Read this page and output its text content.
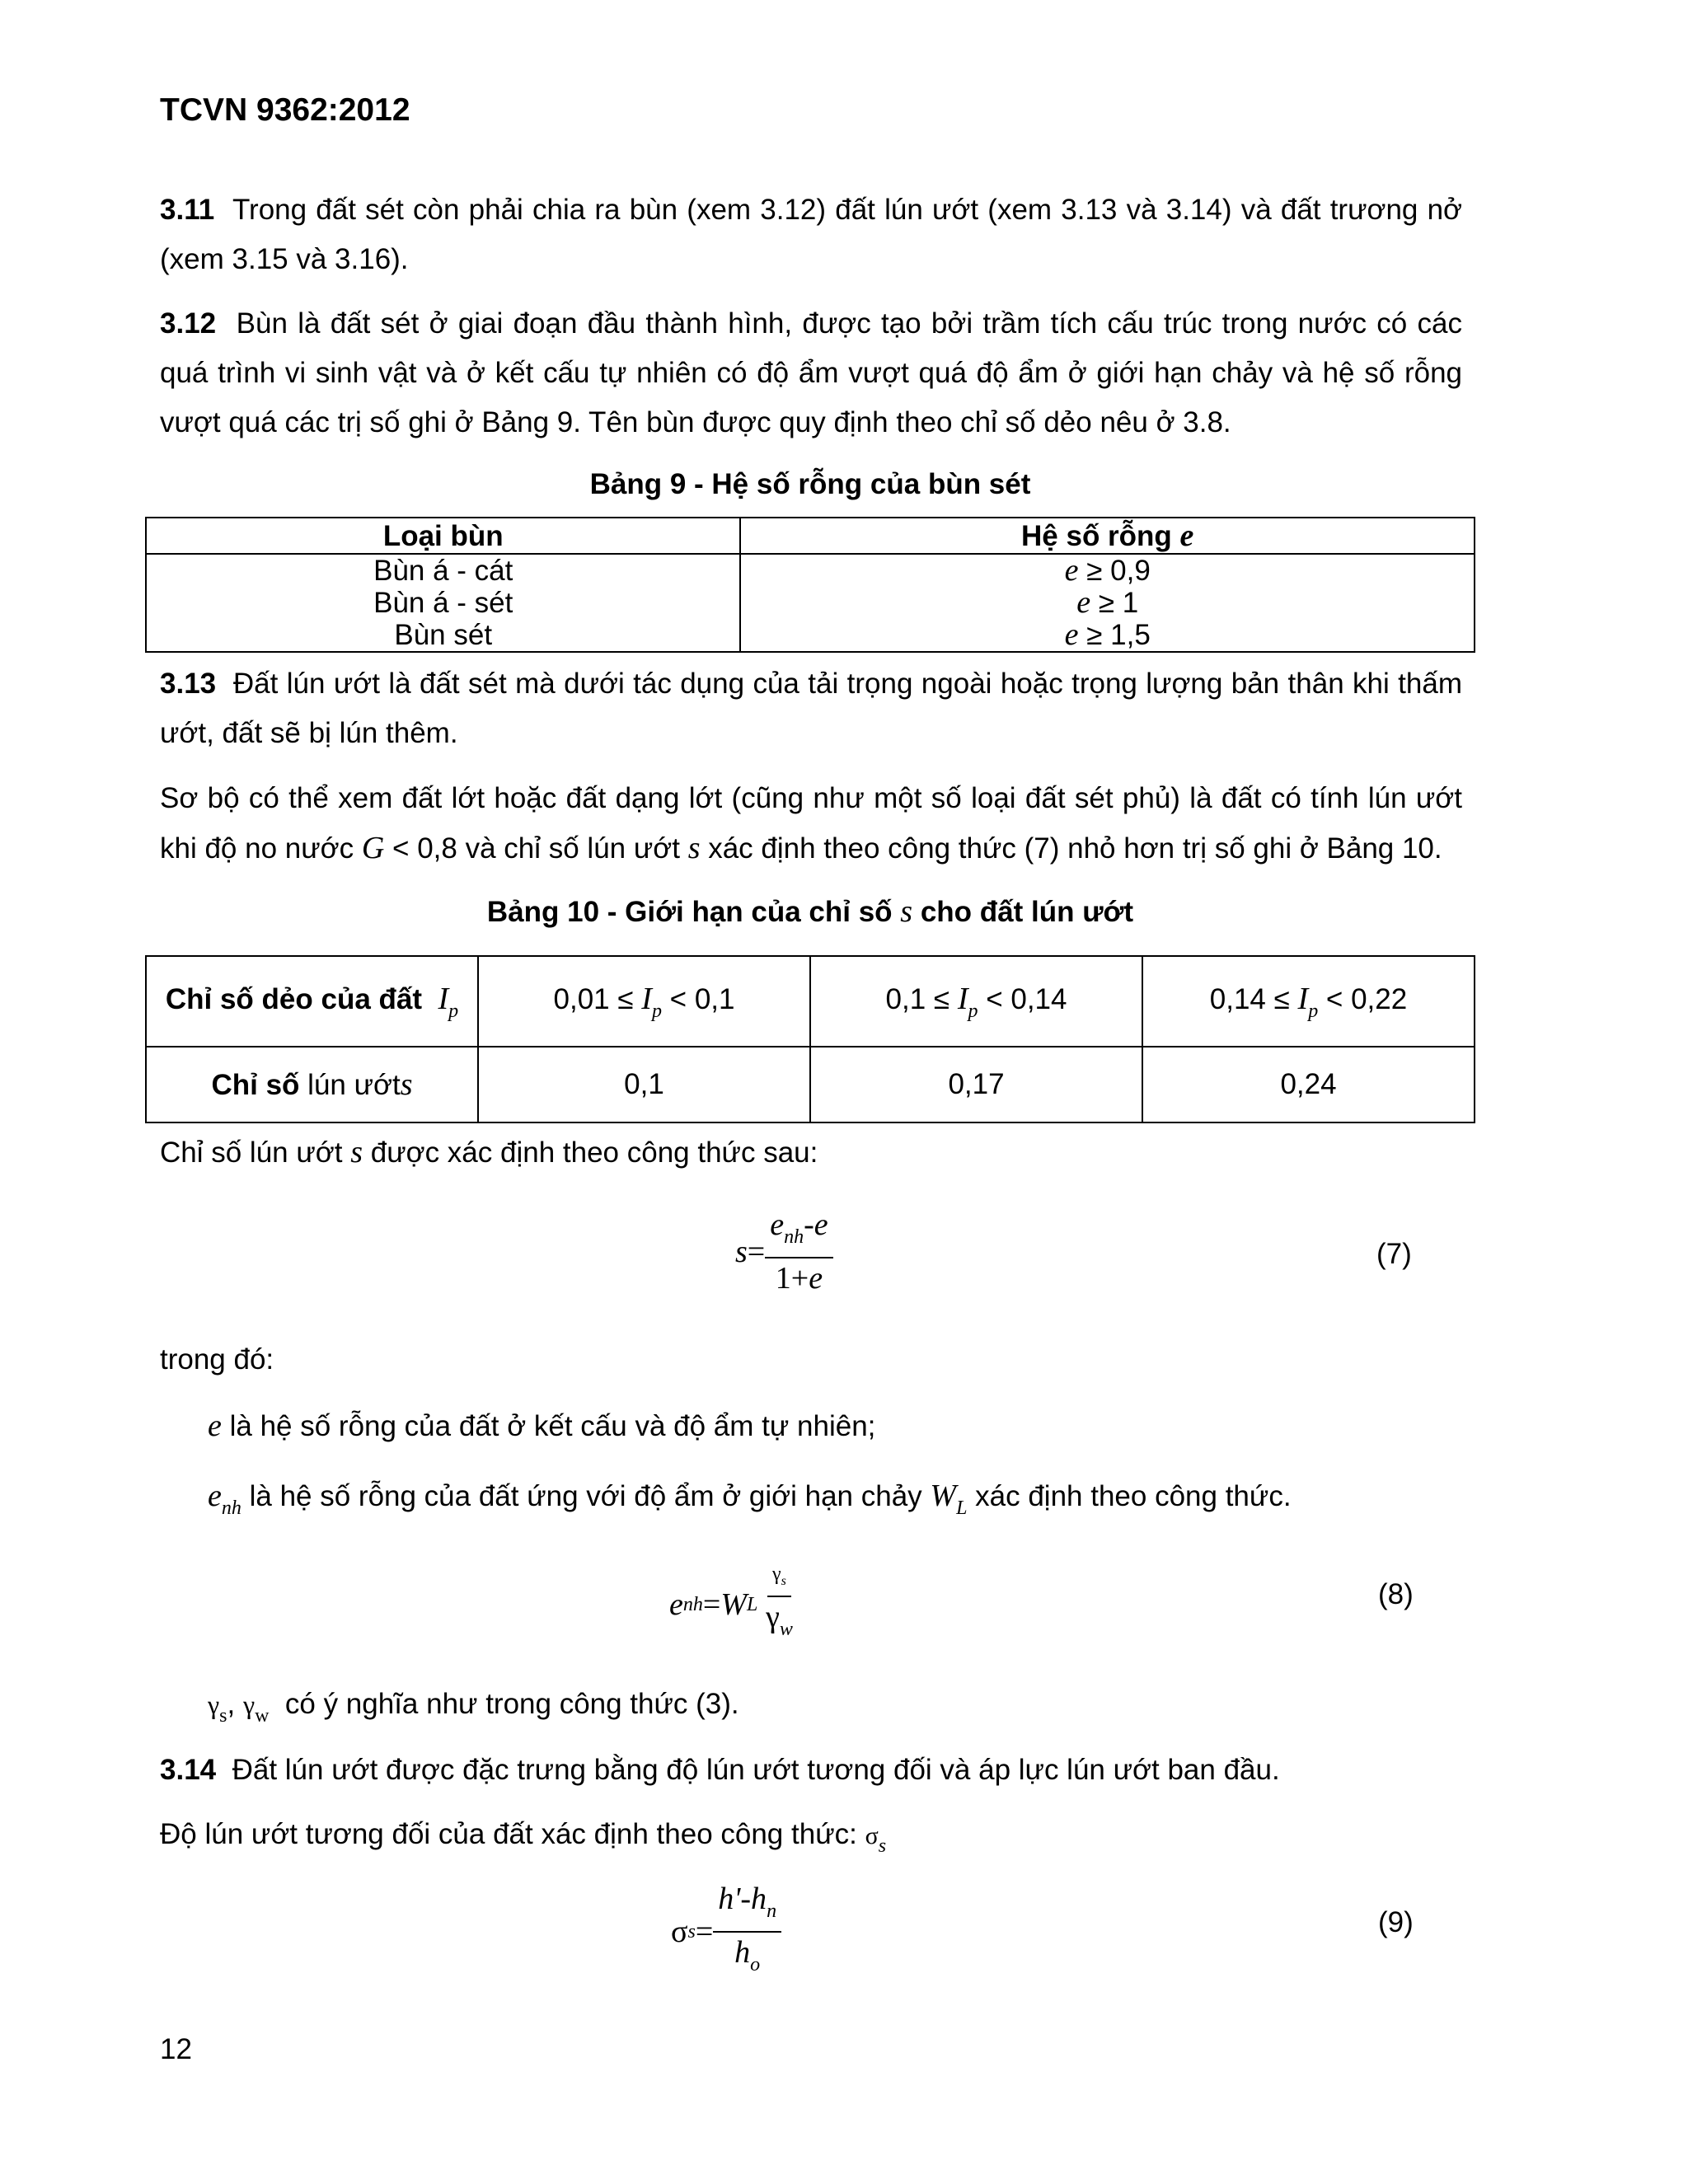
TCVN 9362:2012
3.11 Trong đất sét còn phải chia ra bùn (xem 3.12) đất lún ướt (xem 3.13 và 3.14) và đất trương nở (xem 3.15 và 3.16).
3.12 Bùn là đất sét ở giai đoạn đầu thành hình, được tạo bởi trầm tích cấu trúc trong nước có các quá trình vi sinh vật và ở kết cấu tự nhiên có độ ẩm vượt quá độ ẩm ở giới hạn chảy và hệ số rỗng vượt quá các trị số ghi ở Bảng 9. Tên bùn được quy định theo chỉ số dẻo nêu ở 3.8.
Bảng 9 - Hệ số rỗng của bùn sét
Loại bùn	Hệ số rỗng e
Bùn á - cát	e ≥ 0,9
Bùn á - sét	e ≥ 1
Bùn sét	e ≥ 1,5
3.13 Đất lún ướt là đất sét mà dưới tác dụng của tải trọng ngoài hoặc trọng lượng bản thân khi thấm ướt, đất sẽ bị lún thêm.
Sơ bộ có thể xem đất lớt hoặc đất dạng lớt (cũng như một số loại đất sét phủ) là đất có tính lún ướt khi độ no nước G < 0,8 và chỉ số lún ướt s xác định theo công thức (7) nhỏ hơn trị số ghi ở Bảng 10.
Bảng 10 - Giới hạn của chỉ số s cho đất lún ướt
Chỉ số dẻo của đất $I_p$	$0,01 \le I_p < 0,1$	$0,1 \le I_p < 0,14$	$0,14 \le I_p < 0,22$
Chỉ số lún ướts	0,1	0,17	0,24
Chỉ số lún ướt s được xác định theo công thức sau:
$s = \frac{e_{nh}-e}{1+e}$	(7)
trong đó:
e là hệ số rỗng của đất ở kết cấu và độ ẩm tự nhiên;
$e_{nh}$ là hệ số rỗng của đất ứng với độ ẩm ở giới hạn chảy $W_L$ xác định theo công thức.
e nh = W L
$\frac{\gamma_s}{\gamma_w}$	(8)
$\gamma_s$, $\gamma_w$  có ý nghĩa như trong công thức (3).
3.14 Đất lún ướt được đặc trưng bằng độ lún ướt tương đối và áp lực lún ướt ban đầu.
Độ lún ướt tương đối của đất xác định theo công thức: $\sigma_s$
σ $s = \frac{h'-h_n}{h_o}$	(9)
12
